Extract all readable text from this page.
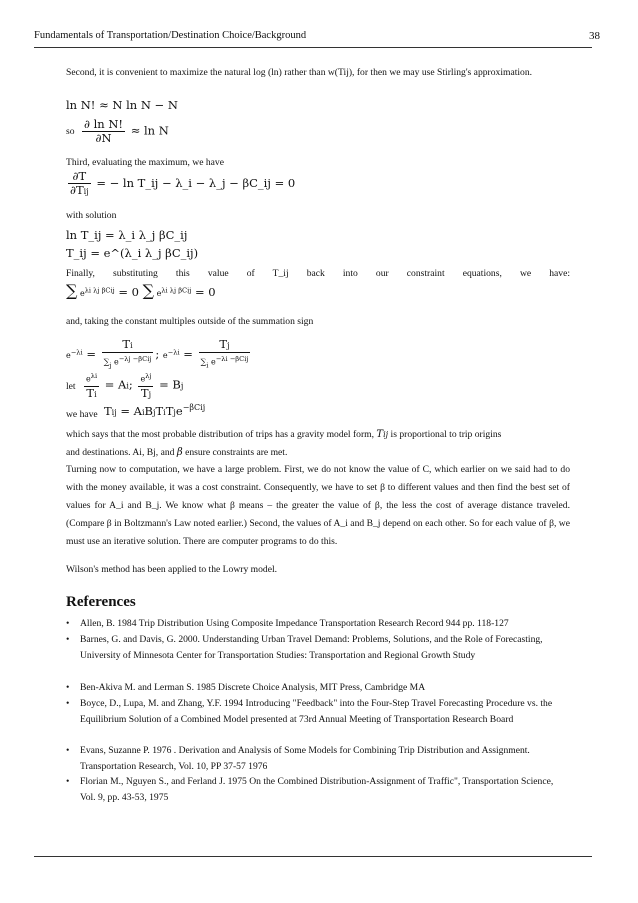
Fundamentals of Transportation/Destination Choice/Background	38
Second, it is convenient to maximize the natural log (ln) rather than w(Tij), for then we may use Stirling's approximation.
ln N! ≈ N ln N − N
so $\frac{\text{∂ ln N!}}{\partial N} \approx \ln N$
Third, evaluating the maximum, we have
$\frac{\partial T}{\text{∂Tij}}$ = − ln T_ij − λ_i − λ_j − βC_ij = 0
with solution
ln T_ij = λ_i λ_j βC_ij
T_ij = e^(λ_i λ_j βC_ij)
Finally, substituting this value of T_ij back into our constraint equations, we have:
∑ $e^{\lambda i \lambda j \beta Cij} = 0$ ∑ $e^{\lambda i \lambda j \beta Cij} = 0$
and, taking the constant multiples outside of the summation sign
$e^{-\lambda i} = \frac{Ti}{\sum_j e^{-\lambda j -\beta Cij}}$ ; $e^{-\lambda i} = \frac{Tj}{\sum_i e^{-\lambda i -\beta Cij}}$
let $\frac{e^{\lambda i}}{Ti} = Ai$; $\frac{e^{\lambda j}}{Tj} = Bj$
we have Tij = AiBjTiTje$^{-\beta Cij}$
which says that the most probable distribution of trips has a gravity model form, Tij is proportional to trip origins
and destinations. Ai, Bj, and β ensure constraints are met.
Turning now to computation, we have a large problem. First, we do not know the value of C, which earlier on we said had to do with the money available, it was a cost constraint. Consequently, we have to set β to different values and then find the best set of values for A_i and B_j. We know what β means – the greater the value of β, the less the cost of average distance traveled. (Compare β in Boltzmann's Law noted earlier.) Second, the values of A_i and B_j depend on each other. So for each value of β, we must use an iterative solution. There are computer programs to do this.
Wilson's method has been applied to the Lowry model.
References
• Allen, B. 1984 Trip Distribution Using Composite Impedance Transportation Research Record 944 pp. 118-127
• Barnes, G. and Davis, G. 2000. Understanding Urban Travel Demand: Problems, Solutions, and the Role of Forecasting, University of Minnesota Center for Transportation Studies: Transportation and Regional Growth Study
• Ben-Akiva M. and Lerman S. 1985 Discrete Choice Analysis, MIT Press, Cambridge MA
• Boyce, D., Lupa, M. and Zhang, Y.F. 1994 Introducing "Feedback" into the Four-Step Travel Forecasting Procedure vs. the Equilibrium Solution of a Combined Model presented at 73rd Annual Meeting of Transportation Research Board
• Evans, Suzanne P. 1976 . Derivation and Analysis of Some Models for Combining Trip Distribution and Assignment. Transportation Research, Vol. 10, PP 37-57 1976
• Florian M., Nguyen S., and Ferland J. 1975 On the Combined Distribution-Assignment of Traffic", Transportation Science, Vol. 9, pp. 43-53, 1975
